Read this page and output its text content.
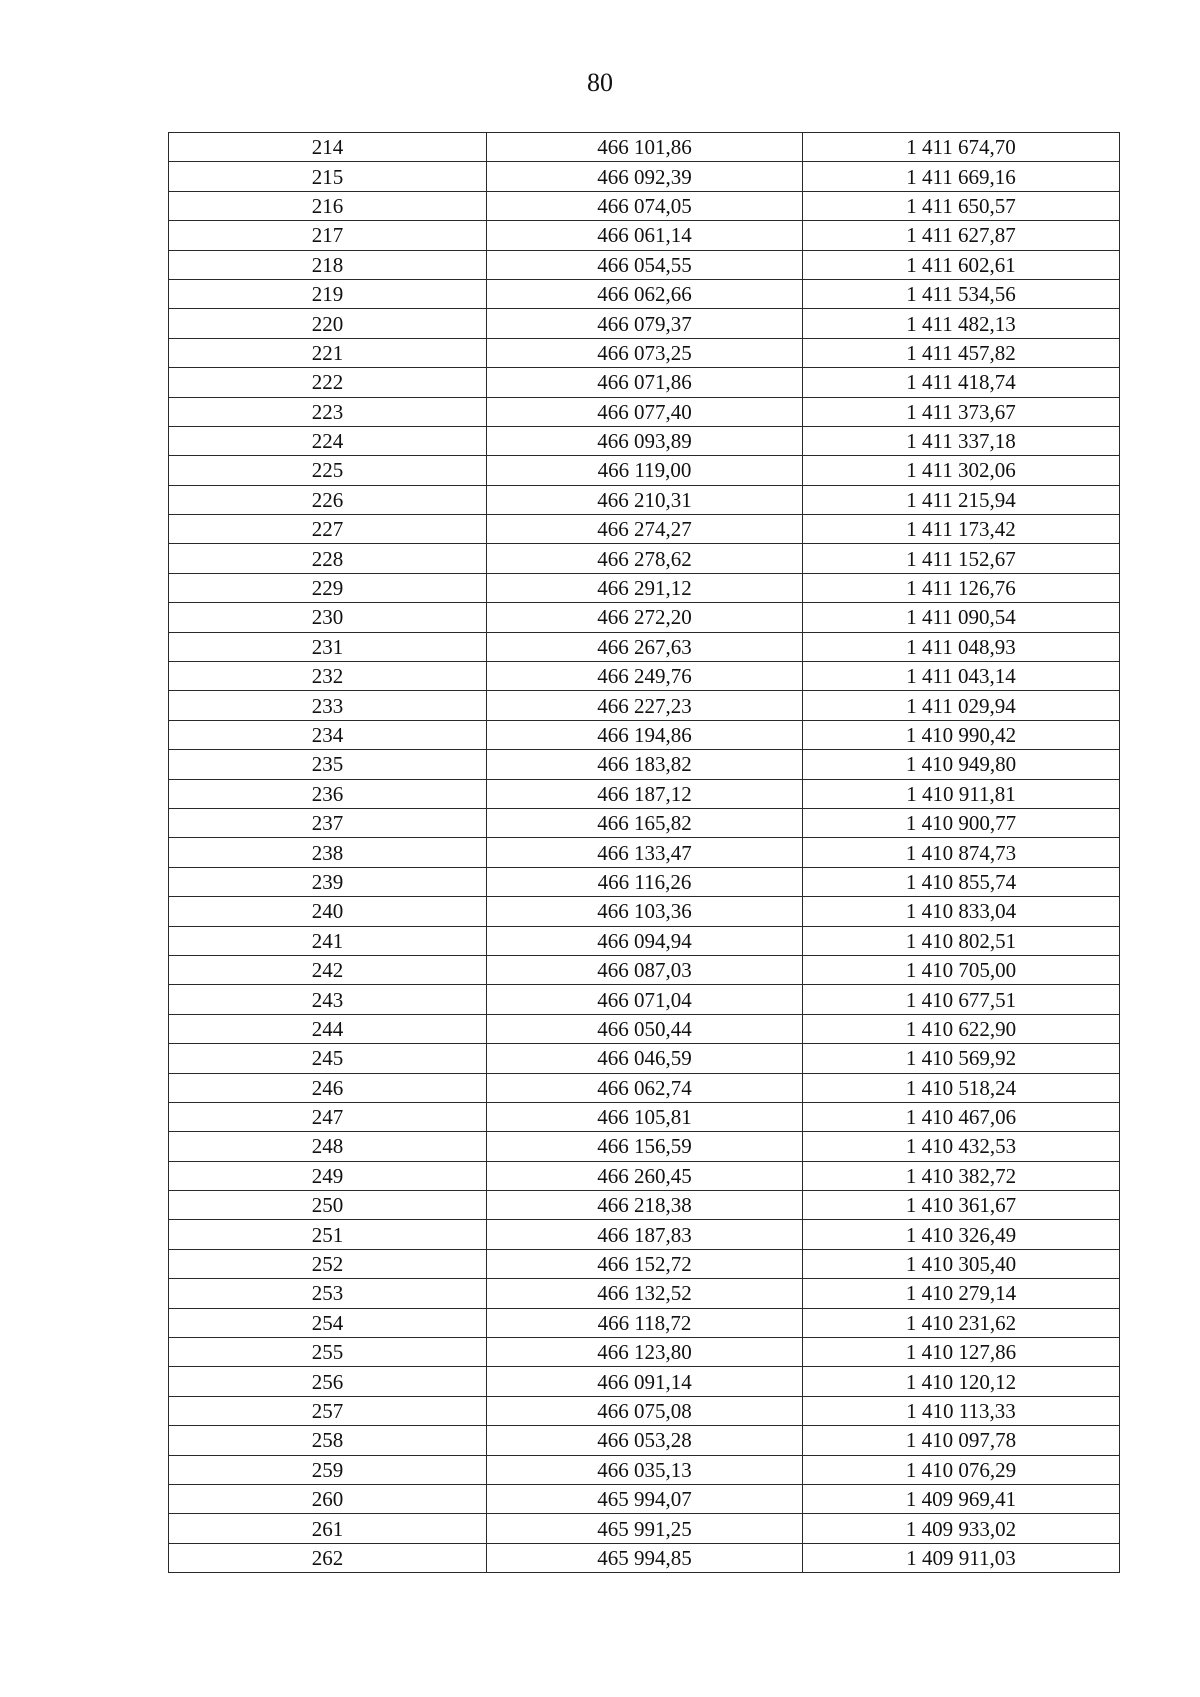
80
214	466 101,86	1 411 674,70
215	466 092,39	1 411 669,16
216	466 074,05	1 411 650,57
217	466 061,14	1 411 627,87
218	466 054,55	1 411 602,61
219	466 062,66	1 411 534,56
220	466 079,37	1 411 482,13
221	466 073,25	1 411 457,82
222	466 071,86	1 411 418,74
223	466 077,40	1 411 373,67
224	466 093,89	1 411 337,18
225	466 119,00	1 411 302,06
226	466 210,31	1 411 215,94
227	466 274,27	1 411 173,42
228	466 278,62	1 411 152,67
229	466 291,12	1 411 126,76
230	466 272,20	1 411 090,54
231	466 267,63	1 411 048,93
232	466 249,76	1 411 043,14
233	466 227,23	1 411 029,94
234	466 194,86	1 410 990,42
235	466 183,82	1 410 949,80
236	466 187,12	1 410 911,81
237	466 165,82	1 410 900,77
238	466 133,47	1 410 874,73
239	466 116,26	1 410 855,74
240	466 103,36	1 410 833,04
241	466 094,94	1 410 802,51
242	466 087,03	1 410 705,00
243	466 071,04	1 410 677,51
244	466 050,44	1 410 622,90
245	466 046,59	1 410 569,92
246	466 062,74	1 410 518,24
247	466 105,81	1 410 467,06
248	466 156,59	1 410 432,53
249	466 260,45	1 410 382,72
250	466 218,38	1 410 361,67
251	466 187,83	1 410 326,49
252	466 152,72	1 410 305,40
253	466 132,52	1 410 279,14
254	466 118,72	1 410 231,62
255	466 123,80	1 410 127,86
256	466 091,14	1 410 120,12
257	466 075,08	1 410 113,33
258	466 053,28	1 410 097,78
259	466 035,13	1 410 076,29
260	465 994,07	1 409 969,41
261	465 991,25	1 409 933,02
262	465 994,85	1 409 911,03
